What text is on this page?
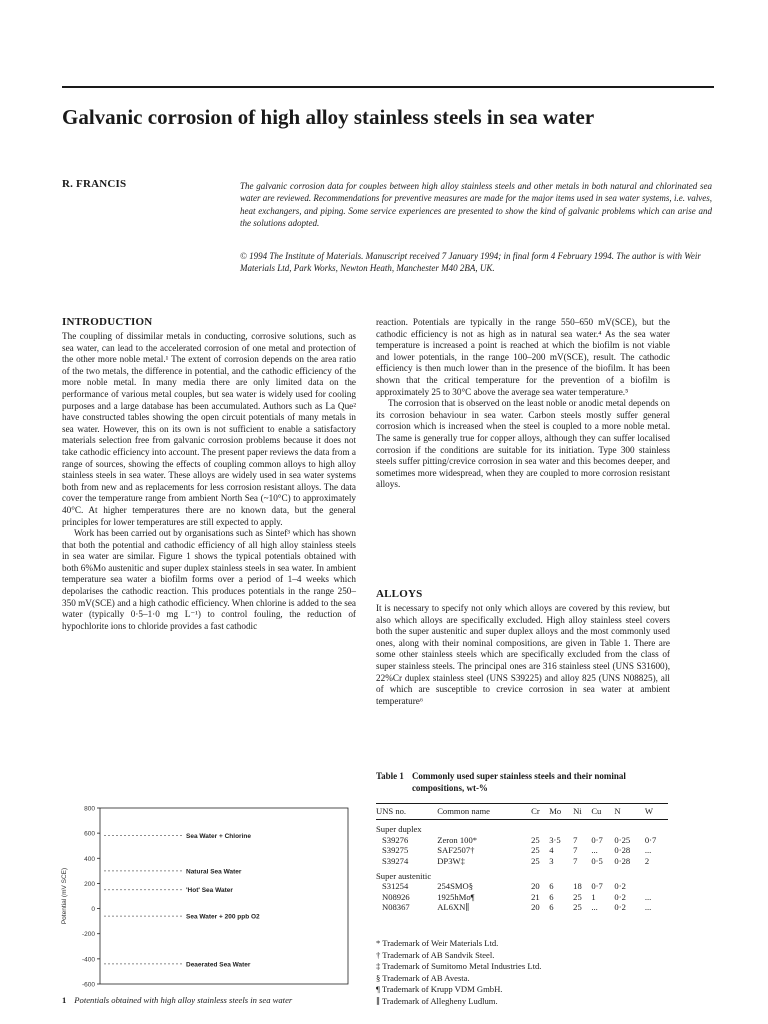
Galvanic corrosion of high alloy stainless steels in sea water

R. FRANCIS	The galvanic corrosion data for couples between high alloy stainless steels and other metals in both natural and chlorinated sea water are reviewed. Recommendations for preventive measures are made for the major items used in sea water systems, i.e. valves, heat exchangers, and piping. Some service experiences are presented to show the kind of galvanic problems which can arise and the solutions adopted.

© 1994 The Institute of Materials. Manuscript received 7 January 1994; in final form 4 February 1994. The author is with Weir Materials Ltd, Park Works, Newton Heath, Manchester M40 2BA, UK.

INTRODUCTION

The coupling of dissimilar metals in conducting, corrosive solutions, such as sea water, can lead to the accelerated corrosion of one metal and protection of the other more noble metal.¹ The extent of corrosion depends on the area ratio of the two metals, the difference in potential, and the cathodic efficiency of the more noble metal. In many media there are only limited data on the performance of various metal couples, but sea water is widely used for cooling purposes and a large database has been accumulated. Authors such as La Que² have constructed tables showing the open circuit potentials of many metals in sea water. However, this on its own is not sufficient to enable a satisfactory materials selection free from galvanic corrosion problems because it does not take cathodic efficiency into account. The present paper reviews the data from a range of sources, showing the effects of coupling common alloys to high alloy stainless steels in sea water. These alloys are widely used in sea water systems both from new and as replacements for less corrosion resistant alloys. The data cover the temperature range from ambient North Sea (~10°C) to approximately 40°C. At higher temperatures there are no known data, but the general principles for lower temperatures are still expected to apply.

Work has been carried out by organisations such as Sintef³ which has shown that both the potential and cathodic efficiency of all high alloy stainless steels in sea water are similar. Figure 1 shows the typical potentials obtained with both 6%Mo austenitic and super duplex stainless steels in sea water. In ambient temperature sea water a biofilm forms over a period of 1–4 weeks which depolarises the cathodic reaction. This produces potentials in the range 250–350 mV(SCE) and a high cathodic efficiency. When chlorine is added to the sea water (typically 0·5–1·0 mg L⁻¹) to control fouling, the reduction of hypochlorite ions to chloride provides a fast cathodic

reaction. Potentials are typically in the range 550–650 mV(SCE), but the cathodic efficiency is not as high as in natural sea water.⁴ As the sea water temperature is increased a point is reached at which the biofilm is not viable and lower potentials, in the range 100–200 mV(SCE), result. The cathodic efficiency is then much lower than in the presence of the biofilm. It has been shown that the critical temperature for the prevention of a biofilm is approximately 25 to 30°C above the average sea water temperature.⁵

The corrosion that is observed on the least noble or anodic metal depends on its corrosion behaviour in sea water. Carbon steels mostly suffer general corrosion which is increased when the steel is coupled to a more noble metal. The same is generally true for copper alloys, although they can suffer localised corrosion if the conditions are suitable for its initiation. Type 300 stainless steels suffer pitting/crevice corrosion in sea water and this becomes deeper, and sometimes more widespread, when they are coupled to more corrosion resistant alloys.

ALLOYS

It is necessary to specify not only which alloys are covered by this review, but also which alloys are specifically excluded. High alloy stainless steel covers both the super austenitic and super duplex alloys and the most commonly used ones, along with their nominal compositions, are given in Table 1. There are some other stainless steels which are specifically excluded from the class of super stainless steels. The principal ones are 316 stainless steel (UNS S31600), 22%Cr duplex stainless steel (UNS S39225) and alloy 825 (UNS N08825), all of which are susceptible to crevice corrosion in sea water at ambient temperature⁶

Table 1 Commonly used super stainless steels and their nominal compositions, wt-%
UNS no.	Common name	Cr	Mo	Ni	Cu	N	W
Super duplex							
S39276	Zeron 100*	25	3·5	7	0·7	0·25	0·7
S39275	SAF2507†	25	4	7	...	0·28	...
S39274	DP3W‡	25	3	7	0·5	0·28	2
Super austenitic							
S31254	254SMO§	20	6	18	0·7	0·2	
N08926	1925hMo¶	21	6	25	1	0·2	...
N08367	AL6XN∥	20	6	25	...	0·2	...
* Trademark of Weir Materials Ltd.
† Trademark of AB Sandvik Steel.
‡ Trademark of Sumitomo Metal Industries Ltd.
§ Trademark of AB Avesta.
¶ Trademark of Krupp VDM GmbH.
∥ Trademark of Allegheny Ludlum.
800
600
400
200
0
-200
-400
-600
Potential (mV SCE)
Sea Water + Chlorine
Natural Sea Water
'Hot' Sea Water
Sea Water + 200 ppb O2
Deaerated Sea Water
1 Potentials obtained with high alloy stainless steels in sea water
